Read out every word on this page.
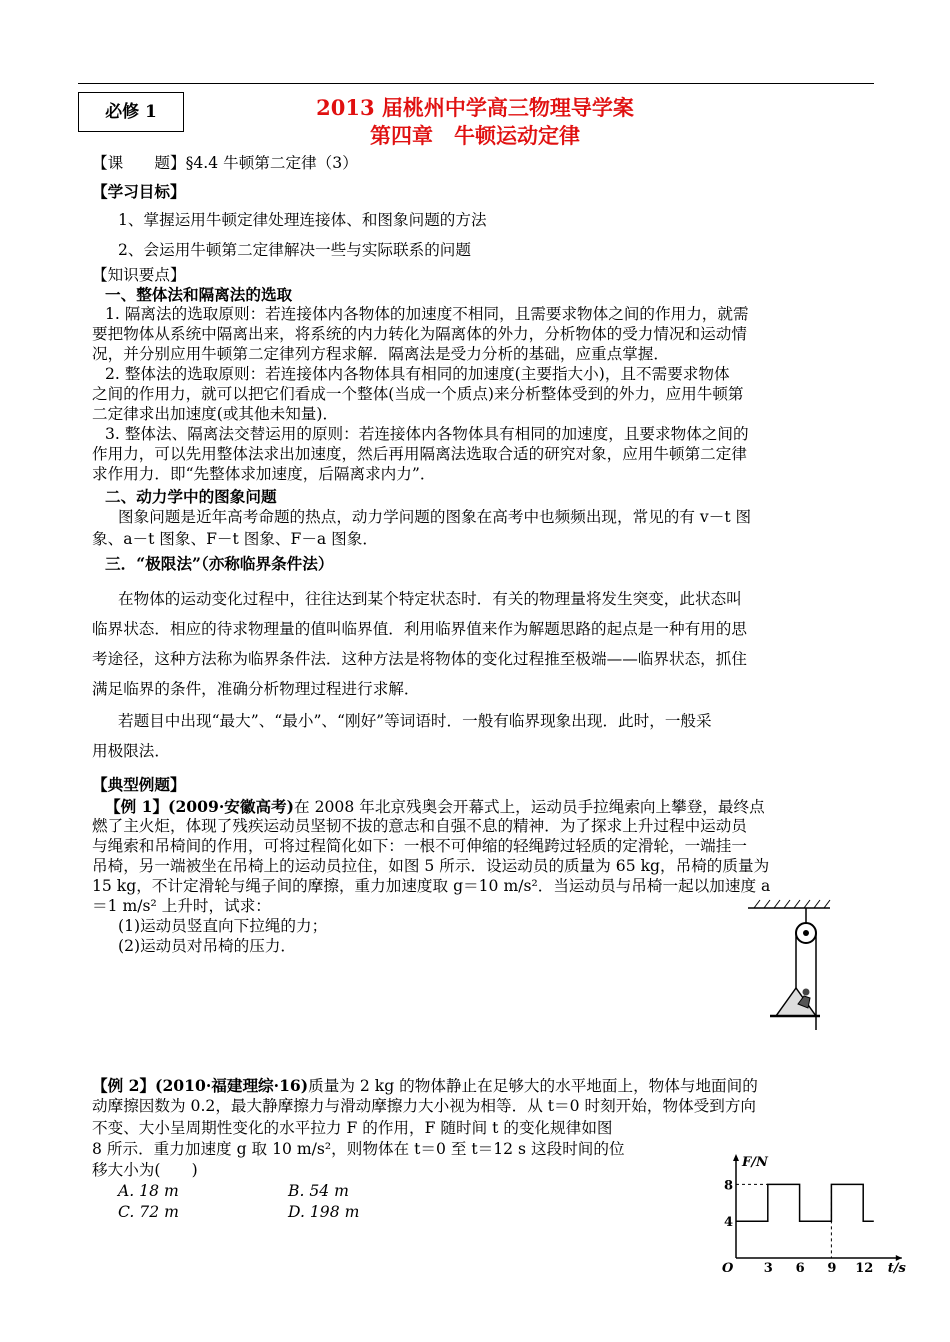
必修 1	2013 届桃州中学高三物理导学案
第四章　牛顿运动定律
【课　　题】§4.4 牛顿第二定律（3）
【学习目标】
1、掌握运用牛顿定律处理连接体、和图象问题的方法
2、会运用牛顿第二定律解决一些与实际联系的问题
【知识要点】
一、整体法和隔离法的选取
1. 隔离法的选取原则：若连接体内各物体的加速度不相同，且需要求物体之间的作用力，就需
要把物体从系统中隔离出来，将系统的内力转化为隔离体的外力，分析物体的受力情况和运动情
况，并分别应用牛顿第二定律列方程求解．隔离法是受力分析的基础，应重点掌握．
2. 整体法的选取原则：若连接体内各物体具有相同的加速度(主要指大小)，且不需要求物体
之间的作用力，就可以把它们看成一个整体(当成一个质点)来分析整体受到的外力，应用牛顿第
二定律求出加速度(或其他未知量)．
3. 整体法、隔离法交替运用的原则：若连接体内各物体具有相同的加速度，且要求物体之间的
作用力，可以先用整体法求出加速度，然后再用隔离法选取合适的研究对象，应用牛顿第二定律
求作用力．即“先整体求加速度，后隔离求内力”．
二、动力学中的图象问题
图象问题是近年高考命题的热点，动力学问题的图象在高考中也频频出现，常见的有 v－t 图
象、a－t 图象、F－t 图象、F－a 图象．
三．“极限法”（亦称临界条件法）
在物体的运动变化过程中，往往达到某个特定状态时．有关的物理量将发生突变，此状态叫
临界状态．相应的待求物理量的值叫临界值．利用临界值来作为解题思路的起点是一种有用的思
考途径，这种方法称为临界条件法．这种方法是将物体的变化过程推至极端——临界状态，抓住
满足临界的条件，准确分析物理过程进行求解．
若题目中出现“最大”、“最小”、“刚好”等词语时．一般有临界现象出现．此时，一般采
用极限法．
【典型例题】
【例 1】(2009·安徽高考)在 2008 年北京残奥会开幕式上，运动员手拉绳索向上攀登，最终点
燃了主火炬，体现了残疾运动员坚韧不拔的意志和自强不息的精神．为了探求上升过程中运动员
与绳索和吊椅间的作用，可将过程简化如下：一根不可伸缩的轻绳跨过轻质的定滑轮，一端挂一
吊椅，另一端被坐在吊椅上的运动员拉住，如图 5 所示．设运动员的质量为 65 kg，吊椅的质量为
15 kg，不计定滑轮与绳子间的摩擦，重力加速度取 g＝10 m/s²．当运动员与吊椅一起以加速度 a
＝1 m/s² 上升时，试求：
(1)运动员竖直向下拉绳的力；
(2)运动员对吊椅的压力．
【例 2】(2010·福建理综·16)质量为 2 kg 的物体静止在足够大的水平地面上，物体与地面间的
动摩擦因数为 0.2，最大静摩擦力与滑动摩擦力大小视为相等．从 t＝0 时刻开始，物体受到方向
不变、大小呈周期性变化的水平拉力 F 的作用，F 随时间 t 的变化规律如图
8 所示．重力加速度 g 取 10 m/s²，则物体在 t＝0 至 t＝12 s 这段时间的位
移大小为(　　)
A. 18 m	B. 54 m
C. 72 m	D. 198 m
F/N
t/s
4
8
O 3 6 9 12
